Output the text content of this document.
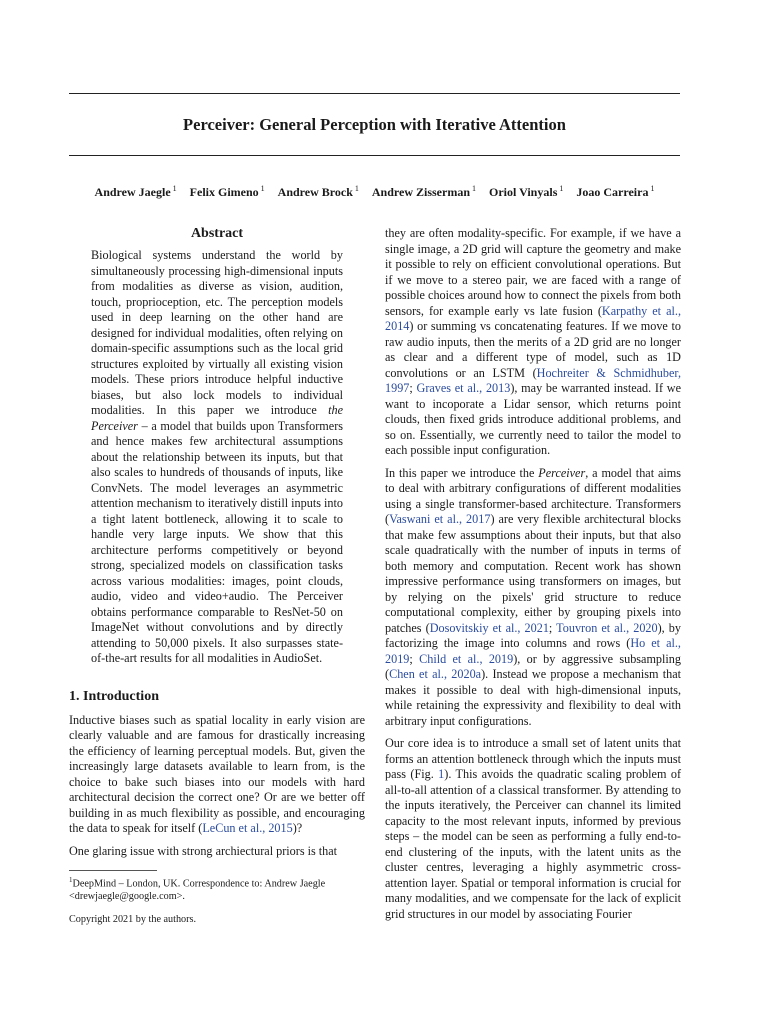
Perceiver: General Perception with Iterative Attention
Andrew Jaegle $^1$ Felix Gimeno $^1$ Andrew Brock $^1$ Andrew Zisserman $^1$ Oriol Vinyals $^1$ Joao Carreira $^1$
Abstract

Biological systems understand the world by simultaneously processing high-dimensional inputs from modalities as diverse as vision, audition, touch, proprioception, etc. The perception models used in deep learning on the other hand are designed for individual modalities, often relying on domain-specific assumptions such as the local grid structures exploited by virtually all existing vision models. These priors introduce helpful inductive biases, but also lock models to individual modalities. In this paper we introduce the Perceiver – a model that builds upon Transformers and hence makes few architectural assumptions about the relationship between its inputs, but that also scales to hundreds of thousands of inputs, like ConvNets. The model leverages an asymmetric attention mechanism to iteratively distill inputs into a tight latent bottleneck, allowing it to scale to handle very large inputs. We show that this architecture performs competitively or beyond strong, specialized models on classification tasks across various modalities: images, point clouds, audio, video and video+audio. The Perceiver obtains performance comparable to ResNet-50 on ImageNet without convolutions and by directly attending to 50,000 pixels. It also surpasses state-of-the-art results for all modalities in AudioSet.

1. Introduction

Inductive biases such as spatial locality in early vision are clearly valuable and are famous for drastically increasing the efficiency of learning perceptual models. But, given the increasingly large datasets available to learn from, is the choice to bake such biases into our models with hard architectural decision the correct one? Or are we better off building in as much flexibility as possible, and encouraging the data to speak for itself (LeCun et al., 2015)?

One glaring issue with strong archiectural priors is that

$^1$DeepMind – London, UK. Correspondence to: Andrew Jaegle <drewjaegle@google.com>.

Copyright 2021 by the authors.

they are often modality-specific. For example, if we have a single image, a 2D grid will capture the geometry and make it possible to rely on efficient convolutional operations. But if we move to a stereo pair, we are faced with a range of possible choices around how to connect the pixels from both sensors, for example early vs late fusion (Karpathy et al., 2014) or summing vs concatenating features. If we move to raw audio inputs, then the merits of a 2D grid are no longer as clear and a different type of model, such as 1D convolutions or an LSTM (Hochreiter & Schmidhuber, 1997; Graves et al., 2013), may be warranted instead. If we want to incoporate a Lidar sensor, which returns point clouds, then fixed grids introduce additional problems, and so on. Essentially, we currently need to tailor the model to each possible input configuration.

In this paper we introduce the Perceiver, a model that aims to deal with arbitrary configurations of different modalities using a single transformer-based architecture. Transformers (Vaswani et al., 2017) are very flexible architectural blocks that make few assumptions about their inputs, but that also scale quadratically with the number of inputs in terms of both memory and computation. Recent work has shown impressive performance using transformers on images, but by relying on the pixels' grid structure to reduce computational complexity, either by grouping pixels into patches (Dosovitskiy et al., 2021; Touvron et al., 2020), by factorizing the image into columns and rows (Ho et al., 2019; Child et al., 2019), or by aggressive subsampling (Chen et al., 2020a). Instead we propose a mechanism that makes it possible to deal with high-dimensional inputs, while retaining the expressivity and flexibility to deal with arbitrary input configurations.

Our core idea is to introduce a small set of latent units that forms an attention bottleneck through which the inputs must pass (Fig. 1). This avoids the quadratic scaling problem of all-to-all attention of a classical transformer. By attending to the inputs iteratively, the Perceiver can channel its limited capacity to the most relevant inputs, informed by previous steps – the model can be seen as performing a fully end-to-end clustering of the inputs, with the latent units as the cluster centres, leveraging a highly asymmetric cross-attention layer. Spatial or temporal information is crucial for many modalities, and we compensate for the lack of explicit grid structures in our model by associating Fourier
